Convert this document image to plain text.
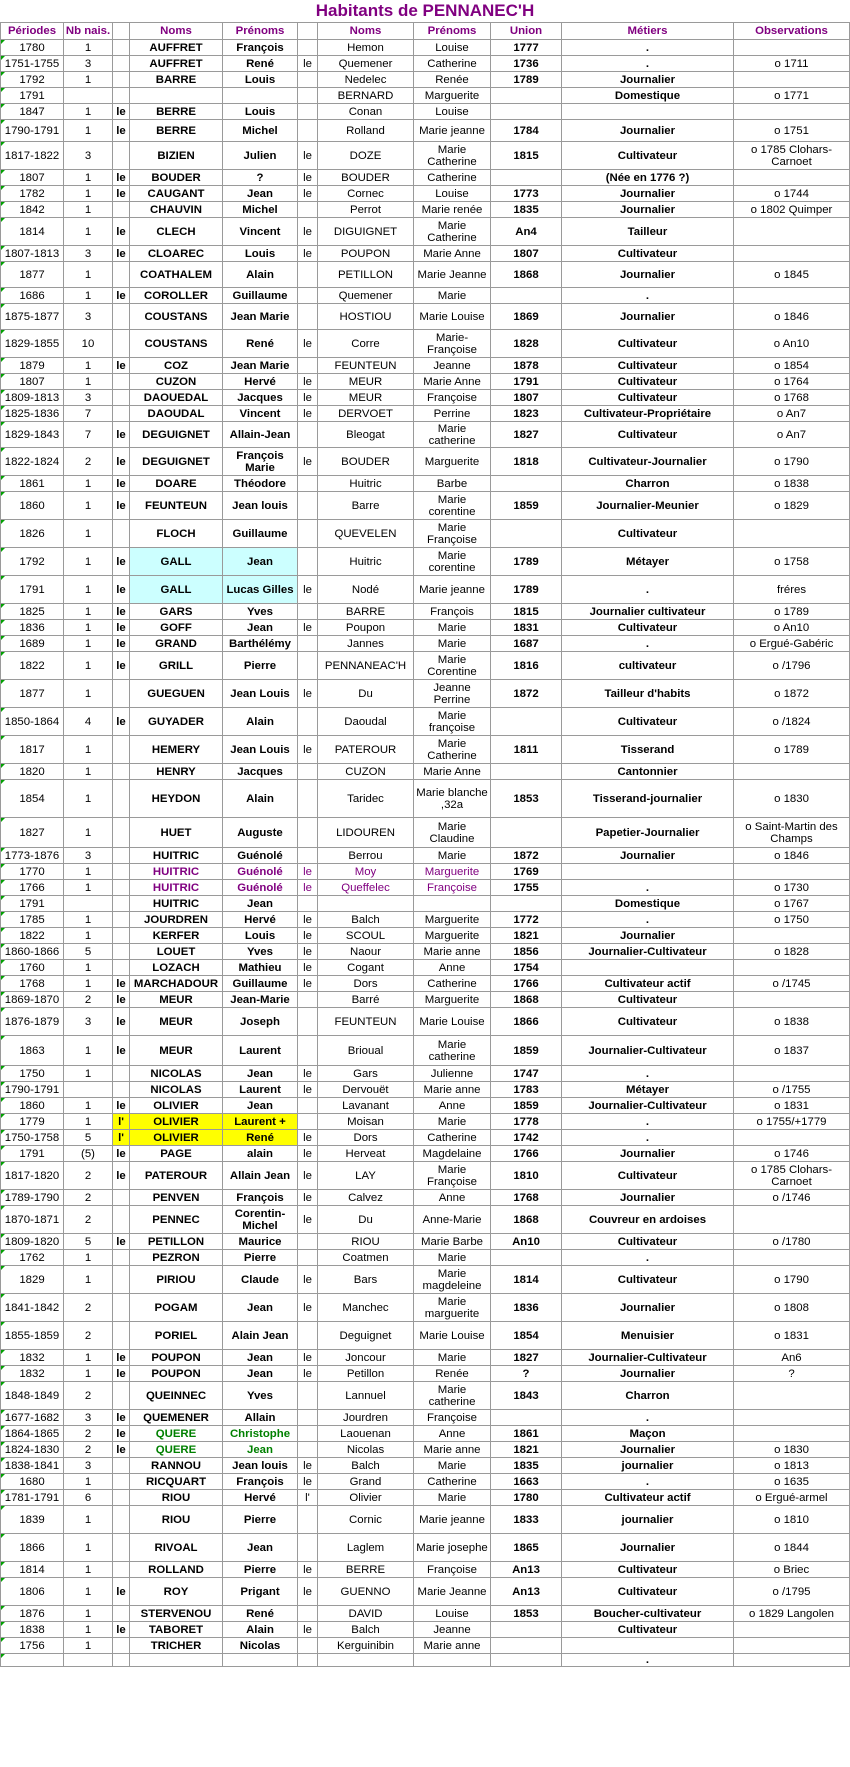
Habitants de PENNANEC'H
Périodes	Nb nais.		Noms	Prénoms		Noms	Prénoms	Union	Métiers	Observations
1780	1		AUFFRET	François		Hemon	Louise	1777	.	
1751-1755	3		AUFFRET	René	le	Quemener	Catherine	1736	.	o 1711
1792	1		BARRE	Louis		Nedelec	Renée	1789	Journalier	
1791						BERNARD	Marguerite		Domestique	o 1771
1847	1	le	BERRE	Louis		Conan	Louise			
1790-1791	1	le	BERRE	Michel		Rolland	Marie jeanne	1784	Journalier	o 1751
1817-1822	3		BIZIEN	Julien	le	DOZE	Marie Catherine	1815	Cultivateur	o 1785 Clohars-Carnoet
1807	1	le	BOUDER	?	le	BOUDER	Catherine		(Née en 1776 ?)	
1782	1	le	CAUGANT	Jean	le	Cornec	Louise	1773	Journalier	o 1744
1842	1		CHAUVIN	Michel		Perrot	Marie renée	1835	Journalier	o 1802 Quimper
1814	1	le	CLECH	Vincent	le	DIGUIGNET	Marie Catherine	An4	Tailleur	
1807-1813	3	le	CLOAREC	Louis	le	POUPON	Marie Anne	1807	Cultivateur	
1877	1		COATHALEM	Alain		PETILLON	Marie Jeanne	1868	Journalier	o 1845
1686	1	le	COROLLER	Guillaume		Quemener	Marie		.	
1875-1877	3		COUSTANS	Jean Marie		HOSTIOU	Marie Louise	1869	Journalier	o 1846
1829-1855	10		COUSTANS	René	le	Corre	Marie-Françoise	1828	Cultivateur	o An10
1879	1	le	COZ	Jean Marie		FEUNTEUN	Jeanne	1878	Cultivateur	o 1854
1807	1		CUZON	Hervé	le	MEUR	Marie Anne	1791	Cultivateur	o 1764
1809-1813	3		DAOUEDAL	Jacques	le	MEUR	Françoise	1807	Cultivateur	o 1768
1825-1836	7		DAOUDAL	Vincent	le	DERVOET	Perrine	1823	Cultivateur-Propriétaire	o An7
1829-1843	7	le	DEGUIGNET	Allain-Jean		Bleogat	Marie catherine	1827	Cultivateur	o An7
1822-1824	2	le	DEGUIGNET	François Marie	le	BOUDER	Marguerite	1818	Cultivateur-Journalier	o 1790
1861	1	le	DOARE	Théodore		Huitric	Barbe		Charron	o 1838
1860	1	le	FEUNTEUN	Jean louis		Barre	Marie corentine	1859	Journalier-Meunier	o 1829
1826	1		FLOCH	Guillaume		QUEVELEN	Marie Françoise		Cultivateur	
1792	1	le	GALL	Jean		Huitric	Marie corentine	1789	Métayer	o 1758
1791	1	le	GALL	Lucas Gilles	le	Nodé	Marie jeanne	1789	.	fréres
1825	1	le	GARS	Yves		BARRE	François	1815	Journalier cultivateur	o 1789
1836	1	le	GOFF	Jean	le	Poupon	Marie	1831	Cultivateur	o An10
1689	1	le	GRAND	Barthélémy		Jannes	Marie	1687	.	o Ergué-Gabéric
1822	1	le	GRILL	Pierre		PENNANEAC'H	Marie Corentine	1816	cultivateur	o /1796
1877	1		GUEGUEN	Jean Louis	le	Du	Jeanne Perrine	1872	Tailleur d'habits	o 1872
1850-1864	4	le	GUYADER	Alain		Daoudal	Marie françoise		Cultivateur	o /1824
1817	1		HEMERY	Jean Louis	le	PATEROUR	Marie Catherine	1811	Tisserand	o 1789
1820	1		HENRY	Jacques		CUZON	Marie Anne		Cantonnier	
1854	1		HEYDON	Alain		Taridec	Marie blanche ,32a	1853	Tisserand-journalier	o 1830
1827	1		HUET	Auguste		LIDOUREN	Marie Claudine		Papetier-Journalier	o Saint-Martin des Champs
1773-1876	3		HUITRIC	Guénolé		Berrou	Marie	1872	Journalier	o 1846
1770	1		HUITRIC	Guénolé	le	Moy	Marguerite	1769		
1766	1		HUITRIC	Guénolé	le	Queffelec	Françoise	1755	.	o 1730
1791			HUITRIC	Jean					Domestique	o 1767
1785	1		JOURDREN	Hervé	le	Balch	Marguerite	1772	.	o 1750
1822	1		KERFER	Louis	le	SCOUL	Marguerite	1821	Journalier	
1860-1866	5		LOUET	Yves	le	Naour	Marie anne	1856	Journalier-Cultivateur	o 1828
1760	1		LOZACH	Mathieu	le	Cogant	Anne	1754		
1768	1	le	MARCHADOUR	Guillaume	le	Dors	Catherine	1766	Cultivateur actif	o /1745
1869-1870	2	le	MEUR	Jean-Marie		Barré	Marguerite	1868	Cultivateur	
1876-1879	3	le	MEUR	Joseph		FEUNTEUN	Marie Louise	1866	Cultivateur	o 1838
1863	1	le	MEUR	Laurent		Brioual	Marie catherine	1859	Journalier-Cultivateur	o 1837
1750	1		NICOLAS	Jean	le	Gars	Julienne	1747	.	
1790-1791			NICOLAS	Laurent	le	Dervouët	Marie anne	1783	Métayer	o /1755
1860	1	le	OLIVIER	Jean		Lavanant	Anne	1859	Journalier-Cultivateur	o 1831
1779	1	l'	OLIVIER	Laurent +		Moisan	Marie	1778	.	o 1755/+1779
1750-1758	5	l'	OLIVIER	René	le	Dors	Catherine	1742	.	
1791	(5)	le	PAGE	alain	le	Herveat	Magdelaine	1766	Journalier	o 1746
1817-1820	2	le	PATEROUR	Allain Jean	le	LAY	Marie Françoise	1810	Cultivateur	o 1785 Clohars-Carnoet
1789-1790	2		PENVEN	François	le	Calvez	Anne	1768	Journalier	o /1746
1870-1871	2		PENNEC	Corentin-Michel	le	Du	Anne-Marie	1868	Couvreur en ardoises	
1809-1820	5	le	PETILLON	Maurice		RIOU	Marie Barbe	An10	Cultivateur	o /1780
1762	1		PEZRON	Pierre		Coatmen	Marie		.	
1829	1		PIRIOU	Claude	le	Bars	Marie magdeleine	1814	Cultivateur	o 1790
1841-1842	2		POGAM	Jean	le	Manchec	Marie marguerite	1836	Journalier	o 1808
1855-1859	2		PORIEL	Alain Jean		Deguignet	Marie Louise	1854	Menuisier	o 1831
1832	1	le	POUPON	Jean	le	Joncour	Marie	1827	Journalier-Cultivateur	An6
1832	1	le	POUPON	Jean	le	Petillon	Renée	?	Journalier	?
1848-1849	2		QUEINNEC	Yves		Lannuel	Marie catherine	1843	Charron	
1677-1682	3	le	QUEMENER	Allain		Jourdren	Françoise		.	
1864-1865	2	le	QUERE	Christophe		Laouenan	Anne	1861	Maçon	
1824-1830	2	le	QUERE	Jean		Nicolas	Marie anne	1821	Journalier	o 1830
1838-1841	3		RANNOU	Jean louis	le	Balch	Marie	1835	journalier	o 1813
1680	1		RICQUART	François	le	Grand	Catherine	1663	.	o 1635
1781-1791	6		RIOU	Hervé	l'	Olivier	Marie	1780	Cultivateur actif	o Ergué-armel
1839	1		RIOU	Pierre		Cornic	Marie jeanne	1833	journalier	o 1810
1866	1		RIVOAL	Jean		Laglem	Marie josephe	1865	Journalier	o 1844
1814	1		ROLLAND	Pierre	le	BERRE	Françoise	An13	Cultivateur	o Briec
1806	1	le	ROY	Prigant	le	GUENNO	Marie Jeanne	An13	Cultivateur	o /1795
1876	1		STERVENOU	René		DAVID	Louise	1853	Boucher-cultivateur	o 1829 Langolen
1838	1	le	TABORET	Alain	le	Balch	Jeanne		Cultivateur	
1756	1		TRICHER	Nicolas		Kerguinibin	Marie anne			
									.	
